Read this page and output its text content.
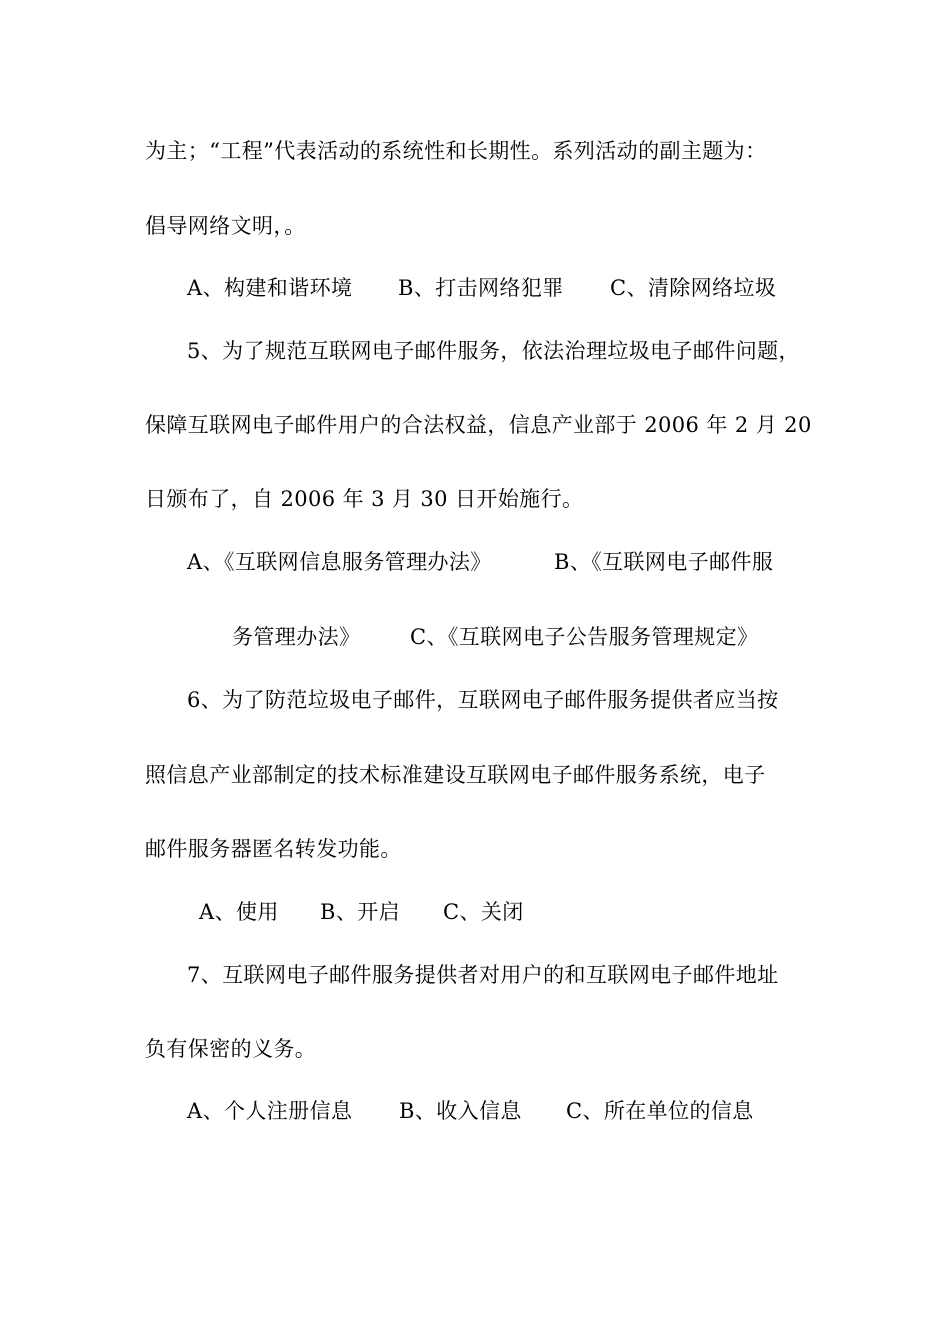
为主；“工程”代表活动的系统性和长期性。系列活动的副主题为：
倡导网络文明，。
A、构建和谐环境 B、打击网络犯罪 C、清除网络垃圾
5、为了规范互联网电子邮件服务，依法治理垃圾电子邮件问题，
保障互联网电子邮件用户的合法权益，信息产业部于 2006 年 2 月 20
日颁布了，自 2006 年 3 月 30 日开始施行。
A、《互联网信息服务管理办法》	B、《互联网电子邮件服
务管理办法》 C、《互联网电子公告服务管理规定》
6、为了防范垃圾电子邮件，互联网电子邮件服务提供者应当按
照信息产业部制定的技术标准建设互联网电子邮件服务系统，电子
邮件服务器匿名转发功能。
A、使用 B、开启 C、关闭
7、互联网电子邮件服务提供者对用户的和互联网电子邮件地址
负有保密的义务。
A、个人注册信息 B、收入信息 C、所在单位的信息
